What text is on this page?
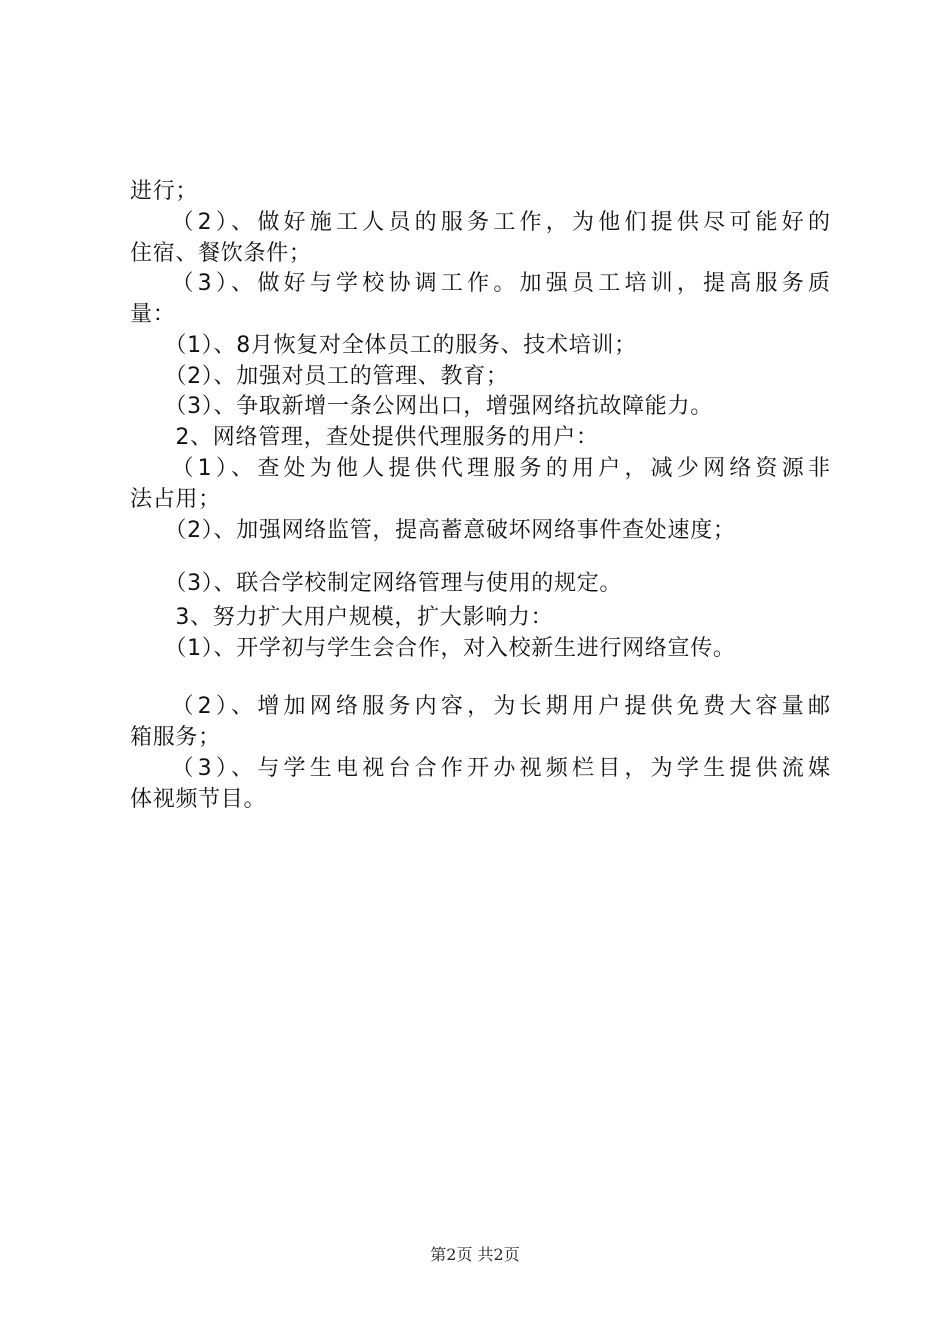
进行；
　　（2）、做好施工人员的服务工作，为他们提供尽可能好的
住宿、餐饮条件；
　　（3）、做好与学校协调工作。加强员工培训，提高服务质
量：
　　（1）、8月恢复对全体员工的服务、技术培训；
　　（2）、加强对员工的管理、教育；
　　（3）、争取新增一条公网出口，增强网络抗故障能力。
　　2、网络管理，查处提供代理服务的用户：
　　（1）、查处为他人提供代理服务的用户，减少网络资源非
法占用；
　　（2）、加强网络监管，提高蓄意破坏网络事件查处速度；
　　（3）、联合学校制定网络管理与使用的规定。
　　3、努力扩大用户规模，扩大影响力：
　　（1）、开学初与学生会合作，对入校新生进行网络宣传。
　　（2）、增加网络服务内容，为长期用户提供免费大容量邮
箱服务；
　　（3）、与学生电视台合作开办视频栏目，为学生提供流媒
体视频节目。
第2页 共2页
